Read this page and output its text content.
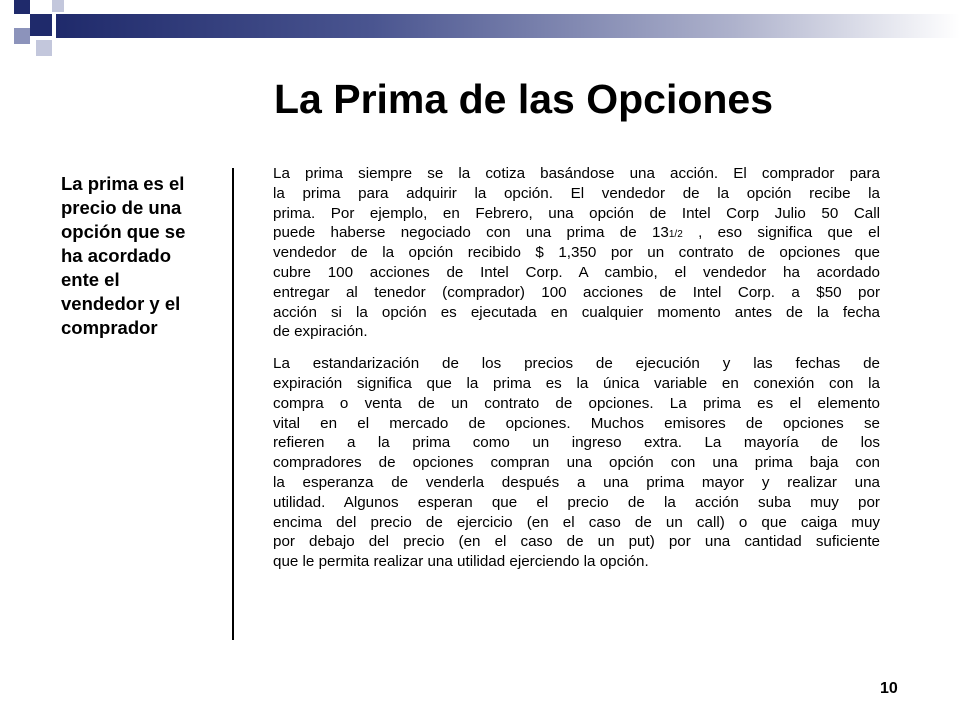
La Prima de las Opciones
La prima es el
precio de una
opción que se
ha acordado
ente el
vendedor y el
comprador
La prima siempre se la cotiza basándose una acción. El comprador para
la prima para adquirir la opción. El vendedor de la opción recibe la
prima. Por ejemplo, en Febrero, una opción de Intel Corp Julio 50 Call
puede haberse negociado con una prima de 131/2 , eso significa que el
vendedor de la opción recibido $ 1,350 por un contrato de opciones que
cubre 100 acciones de Intel Corp. A cambio, el vendedor ha acordado
entregar al tenedor (comprador) 100 acciones de Intel Corp. a $50 por
acción si la opción es ejecutada en cualquier momento antes de la fecha
de expiración.
La estandarización de los precios de ejecución y las fechas de
expiración significa que la prima es la única variable en conexión con la
compra o venta de un contrato de opciones. La prima es el elemento
vital en el mercado de opciones. Muchos emisores de opciones se
refieren a la prima como un ingreso extra. La mayoría de los
compradores de opciones compran una opción con una prima baja con
la esperanza de venderla después a una prima mayor y realizar una
utilidad. Algunos esperan que el precio de la acción suba muy por
encima del precio de ejercicio (en el caso de un call) o que caiga muy
por debajo del precio (en el caso de un put) por una cantidad suficiente
que le permita realizar una utilidad ejerciendo la opción.
10
